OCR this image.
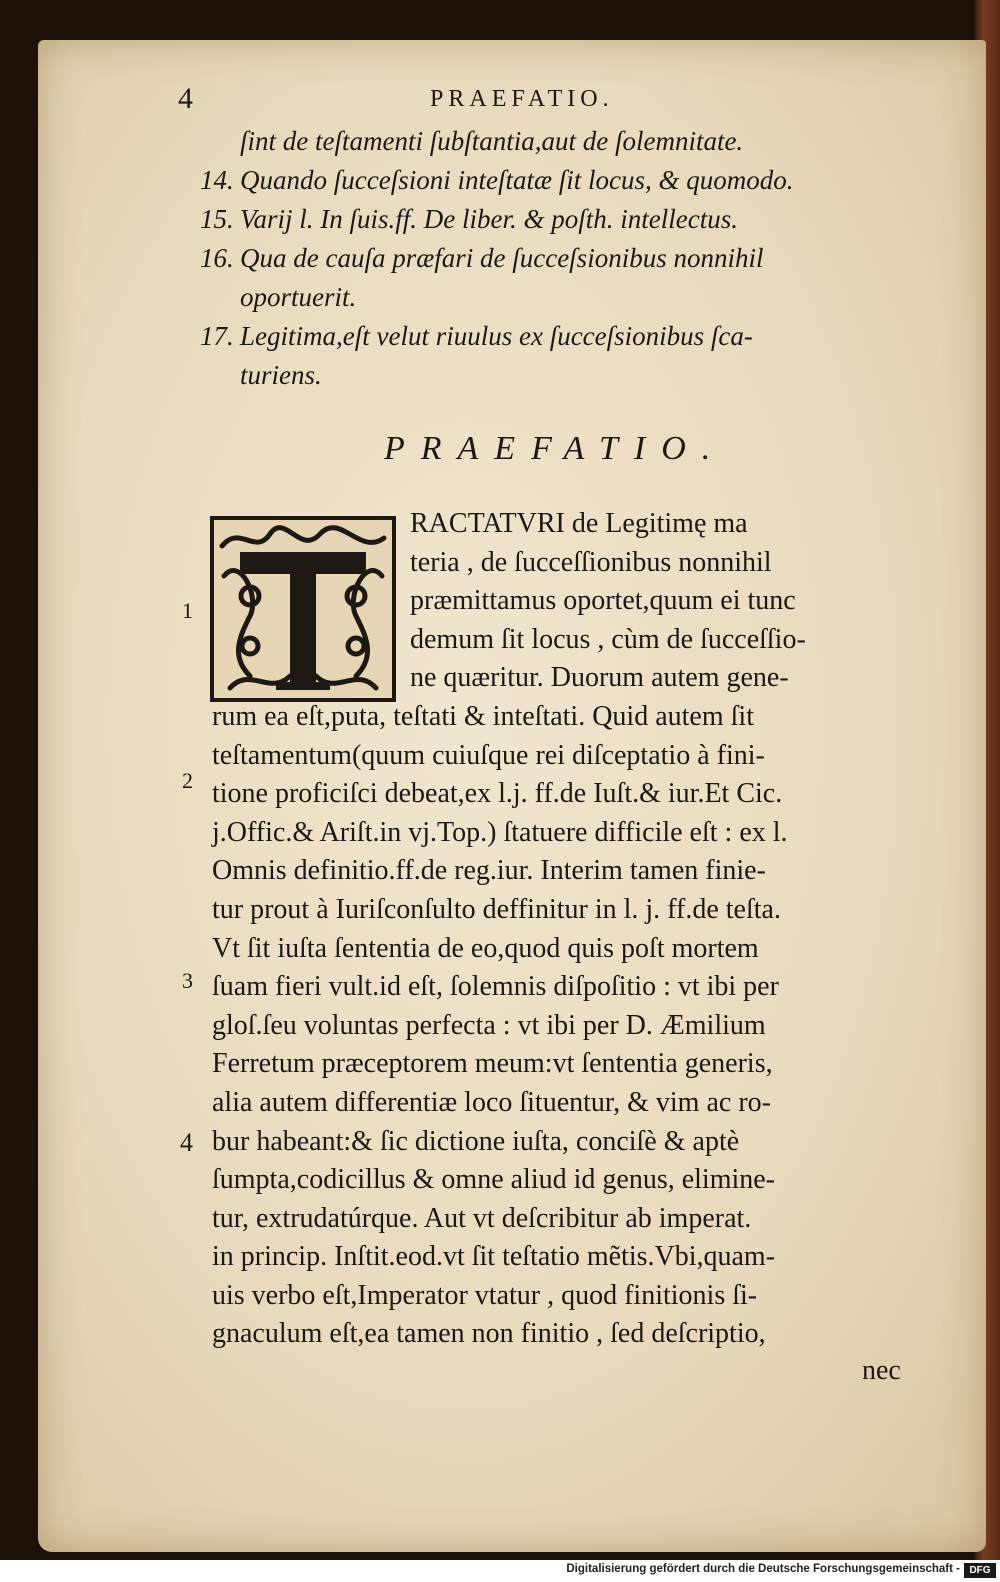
4	PRAEFATIO.
ſint de teſtamenti ſubſtantia,aut de ſolemnitate.
14. Quando ſucceſsioni inteſtatæ ſit locus, & quomodo.
15. Varij l. In ſuis.ff. De liber. & poſth. intellectus.
16. Qua de cauſa præfari de ſucceſsionibus nonnihil
oportuerit.
17. Legitima,eſt velut riuulus ex ſucceſsionibus ſca-
turiens.
PRAEFATIO.
RACTATVRI de Legitimę ma
teria , de ſucceſſionibus nonnihil
præmittamus oportet,quum ei tunc
demum ſit locus , cùm de ſucceſſio-
ne quæritur. Duorum autem gene-
rum ea eſt,puta, teſtati & inteſtati. Quid autem ſit
teſtamentum(quum cuiuſque rei diſceptatio à fini-
tione proficiſci debeat,ex l.j. ff.de Iuſt.& iur.Et Cic.
j.Offic.& Ariſt.in vj.Top.) ſtatuere difficile eſt : ex l.
Omnis definitio.ff.de reg.iur. Interim tamen finie-
tur prout à Iuriſconſulto deffinitur in l. j. ff.de teſta.
Vt ſit iuſta ſententia de eo,quod quis poſt mortem
ſuam fieri vult.id eſt, ſolemnis diſpoſitio : vt ibi per
gloſ.ſeu voluntas perfecta : vt ibi per D. Æmilium
Ferretum præceptorem meum:vt ſententia generis,
alia autem differentiæ loco ſituentur, & vim ac ro-
bur habeant:& ſic dictione iuſta, conciſè & aptè
ſumpta,codicillus & omne aliud id genus, elimine-
tur, extrudatúrque. Aut vt deſcribitur ab imperat.
in princip. Inſtit.eod.vt ſit teſtatio mẽtis.Vbi,quam-
uis verbo eſt,Imperator vtatur , quod finitionis ſi-
gnaculum eſt,ea tamen non finitio , ſed deſcriptio,
1
2
3
4
nec
Digitalisierung gefördert durch die Deutsche Forschungsgemeinschaft - DFG
